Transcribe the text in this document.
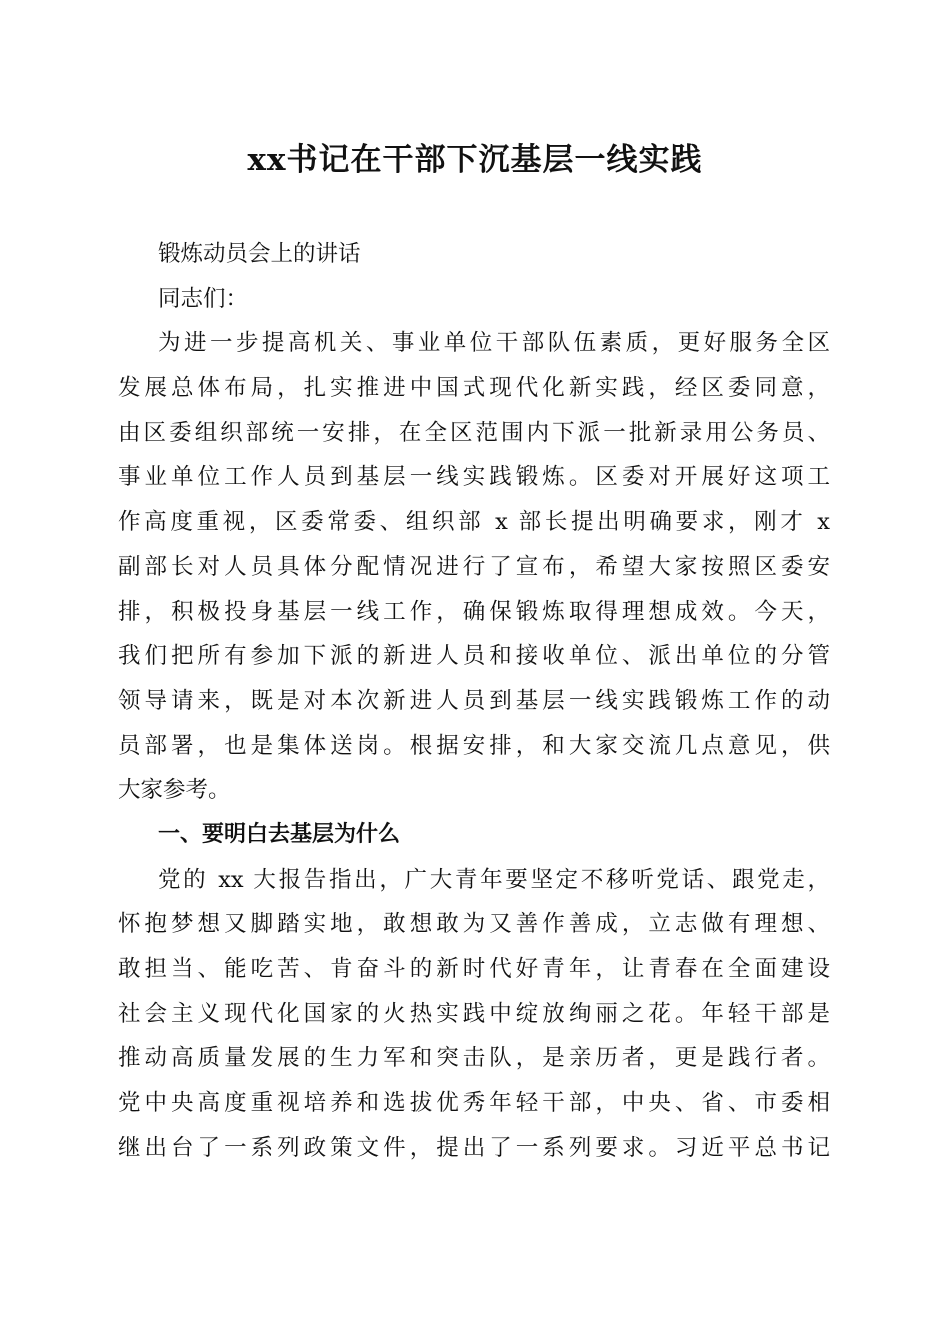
xx书记在干部下沉基层一线实践
锻炼动员会上的讲话
同志们：
为进一步提高机关、事业单位干部队伍素质，更好服务全区
发展总体布局，扎实推进中国式现代化新实践，经区委同意，
由区委组织部统一安排，在全区范围内下派一批新录用公务员、
事业单位工作人员到基层一线实践锻炼。区委对开展好这项工
作高度重视，区委常委、组织部 x 部长提出明确要求，刚才 x
副部长对人员具体分配情况进行了宣布，希望大家按照区委安
排，积极投身基层一线工作，确保锻炼取得理想成效。今天，
我们把所有参加下派的新进人员和接收单位、派出单位的分管
领导请来，既是对本次新进人员到基层一线实践锻炼工作的动
员部署，也是集体送岗。根据安排，和大家交流几点意见，供
大家参考。
一、要明白去基层为什么
党的 xx 大报告指出，广大青年要坚定不移听党话、跟党走，
怀抱梦想又脚踏实地，敢想敢为又善作善成，立志做有理想、
敢担当、能吃苦、肯奋斗的新时代好青年，让青春在全面建设
社会主义现代化国家的火热实践中绽放绚丽之花。年轻干部是
推动高质量发展的生力军和突击队，是亲历者，更是践行者。
党中央高度重视培养和选拔优秀年轻干部，中央、省、市委相
继出台了一系列政策文件，提出了一系列要求。习近平总书记
